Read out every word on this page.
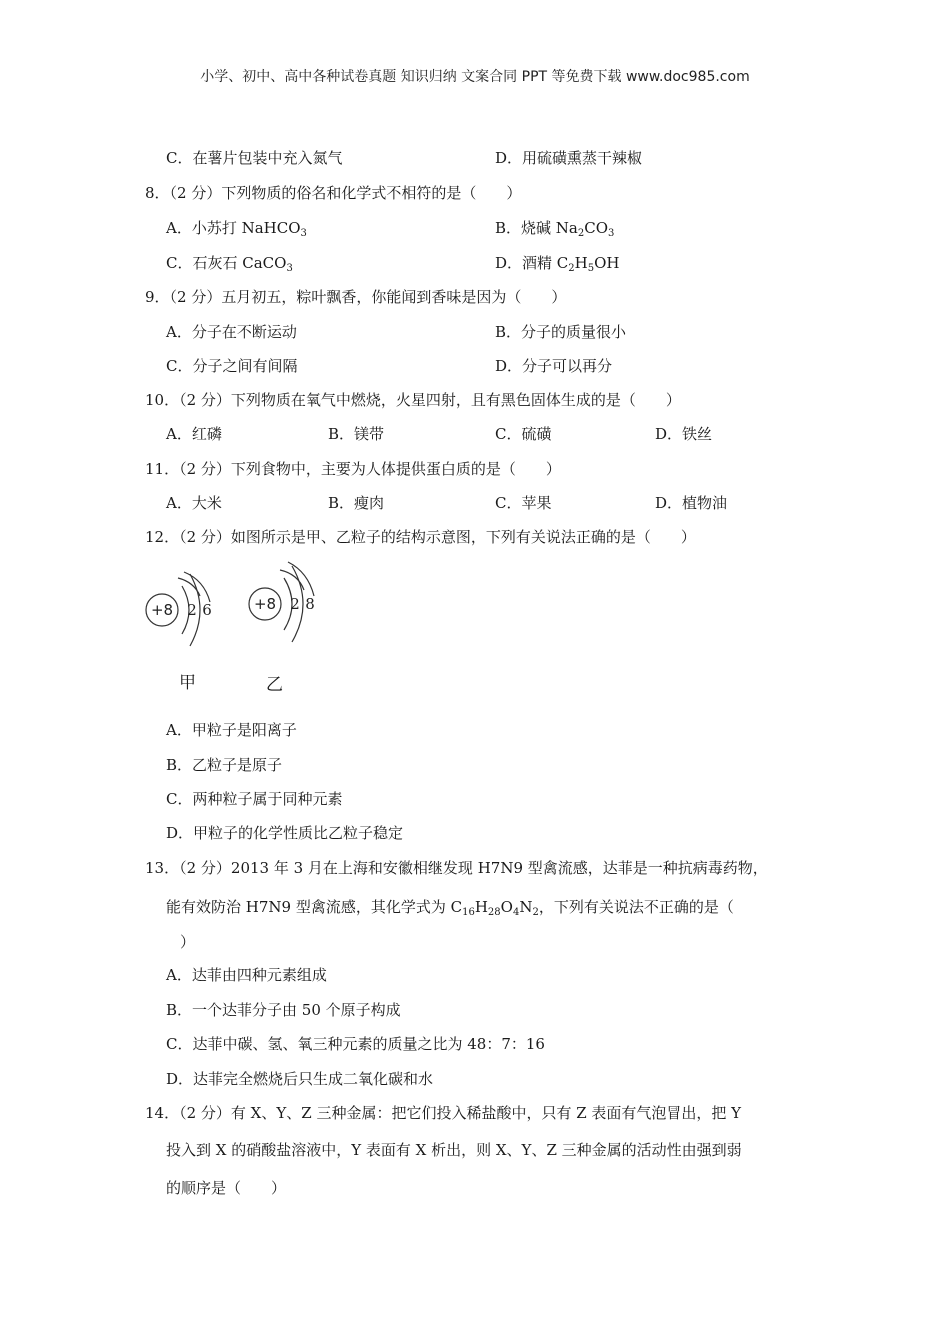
小学、初中、高中各种试卷真题 知识归纳 文案合同 PPT 等免费下载 www.doc985.com
C．在薯片包装中充入氮气	D．用硫磺熏蒸干辣椒
8．（2 分）下列物质的俗名和化学式不相符的是（　　）
A．小苏打 NaHCO$_3$	B．烧碱 $Na_2CO_3$
C．石灰石 CaCO$_3$	D．酒精 $C_2H_5OH$
9．（2 分）五月初五，粽叶飘香，你能闻到香味是因为（　　）
A．分子在不断运动	B．分子的质量很小
C．分子之间有间隔	D．分子可以再分
10．（2 分）下列物质在氧气中燃烧，火星四射，且有黑色固体生成的是（　　）
A．红磷	B．镁带	C．硫磺	D．铁丝
11．（2 分）下列食物中，主要为人体提供蛋白质的是（　　）
A．大米	B．瘦肉	C．苹果	D．植物油
12．（2 分）如图所示是甲、乙粒子的结构示意图，下列有关说法正确的是（　　）
+8 2 6	+8 2 8
甲	乙
A．甲粒子是阳离子
B．乙粒子是原子
C．两种粒子属于同种元素
D．甲粒子的化学性质比乙粒子稳定
13．（2 分）2013 年 3 月在上海和安徽相继发现 H7N9 型禽流感，达菲是一种抗病毒药物，
能有效防治 H7N9 型禽流感，其化学式为 $C_{16}H_{28}O_4N_2$，下列有关说法不正确的是（
）
A．达菲由四种元素组成
B．一个达菲分子由 50 个原子构成
C．达菲中碳、氢、氧三种元素的质量之比为 48：7：16
D．达菲完全燃烧后只生成二氧化碳和水
14．（2 分）有 X、Y、Z 三种金属：把它们投入稀盐酸中，只有 Z 表面有气泡冒出，把 Y
投入到 X 的硝酸盐溶液中，Y 表面有 X 析出，则 X、Y、Z 三种金属的活动性由强到弱
的顺序是（　　）
